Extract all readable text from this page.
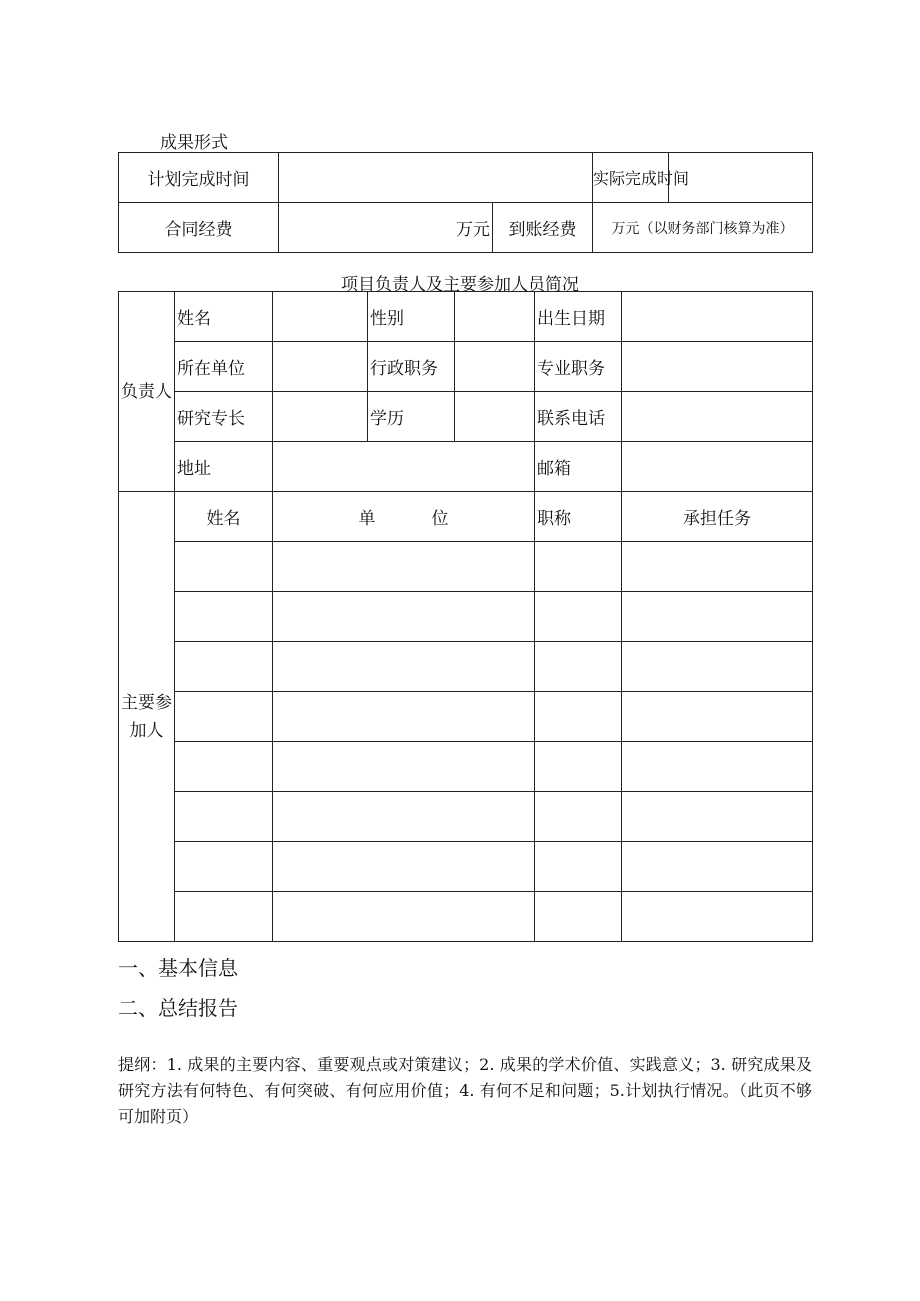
成果形式
计划完成时间			实际完成时间	
合同经费	万元	到账经费	万元（以财务部门核算为准）	
项目负责人及主要参加人员简况
负责人	姓名		性别		出生日期	
	所在单位		行政职务		专业职务	
	研究专长		学历		联系电话	
	地址				邮箱	
主要参加人	姓名	单 位			职称	承担任务

一、基本信息
二、总结报告
提纲：1. 成果的主要内容、重要观点或对策建议；2. 成果的学术价值、实践意义；3. 研究成果及研究方法有何特色、有何突破、有何应用价值；4. 有何不足和问题；5.计划执行情况。（此页不够可加附页）
